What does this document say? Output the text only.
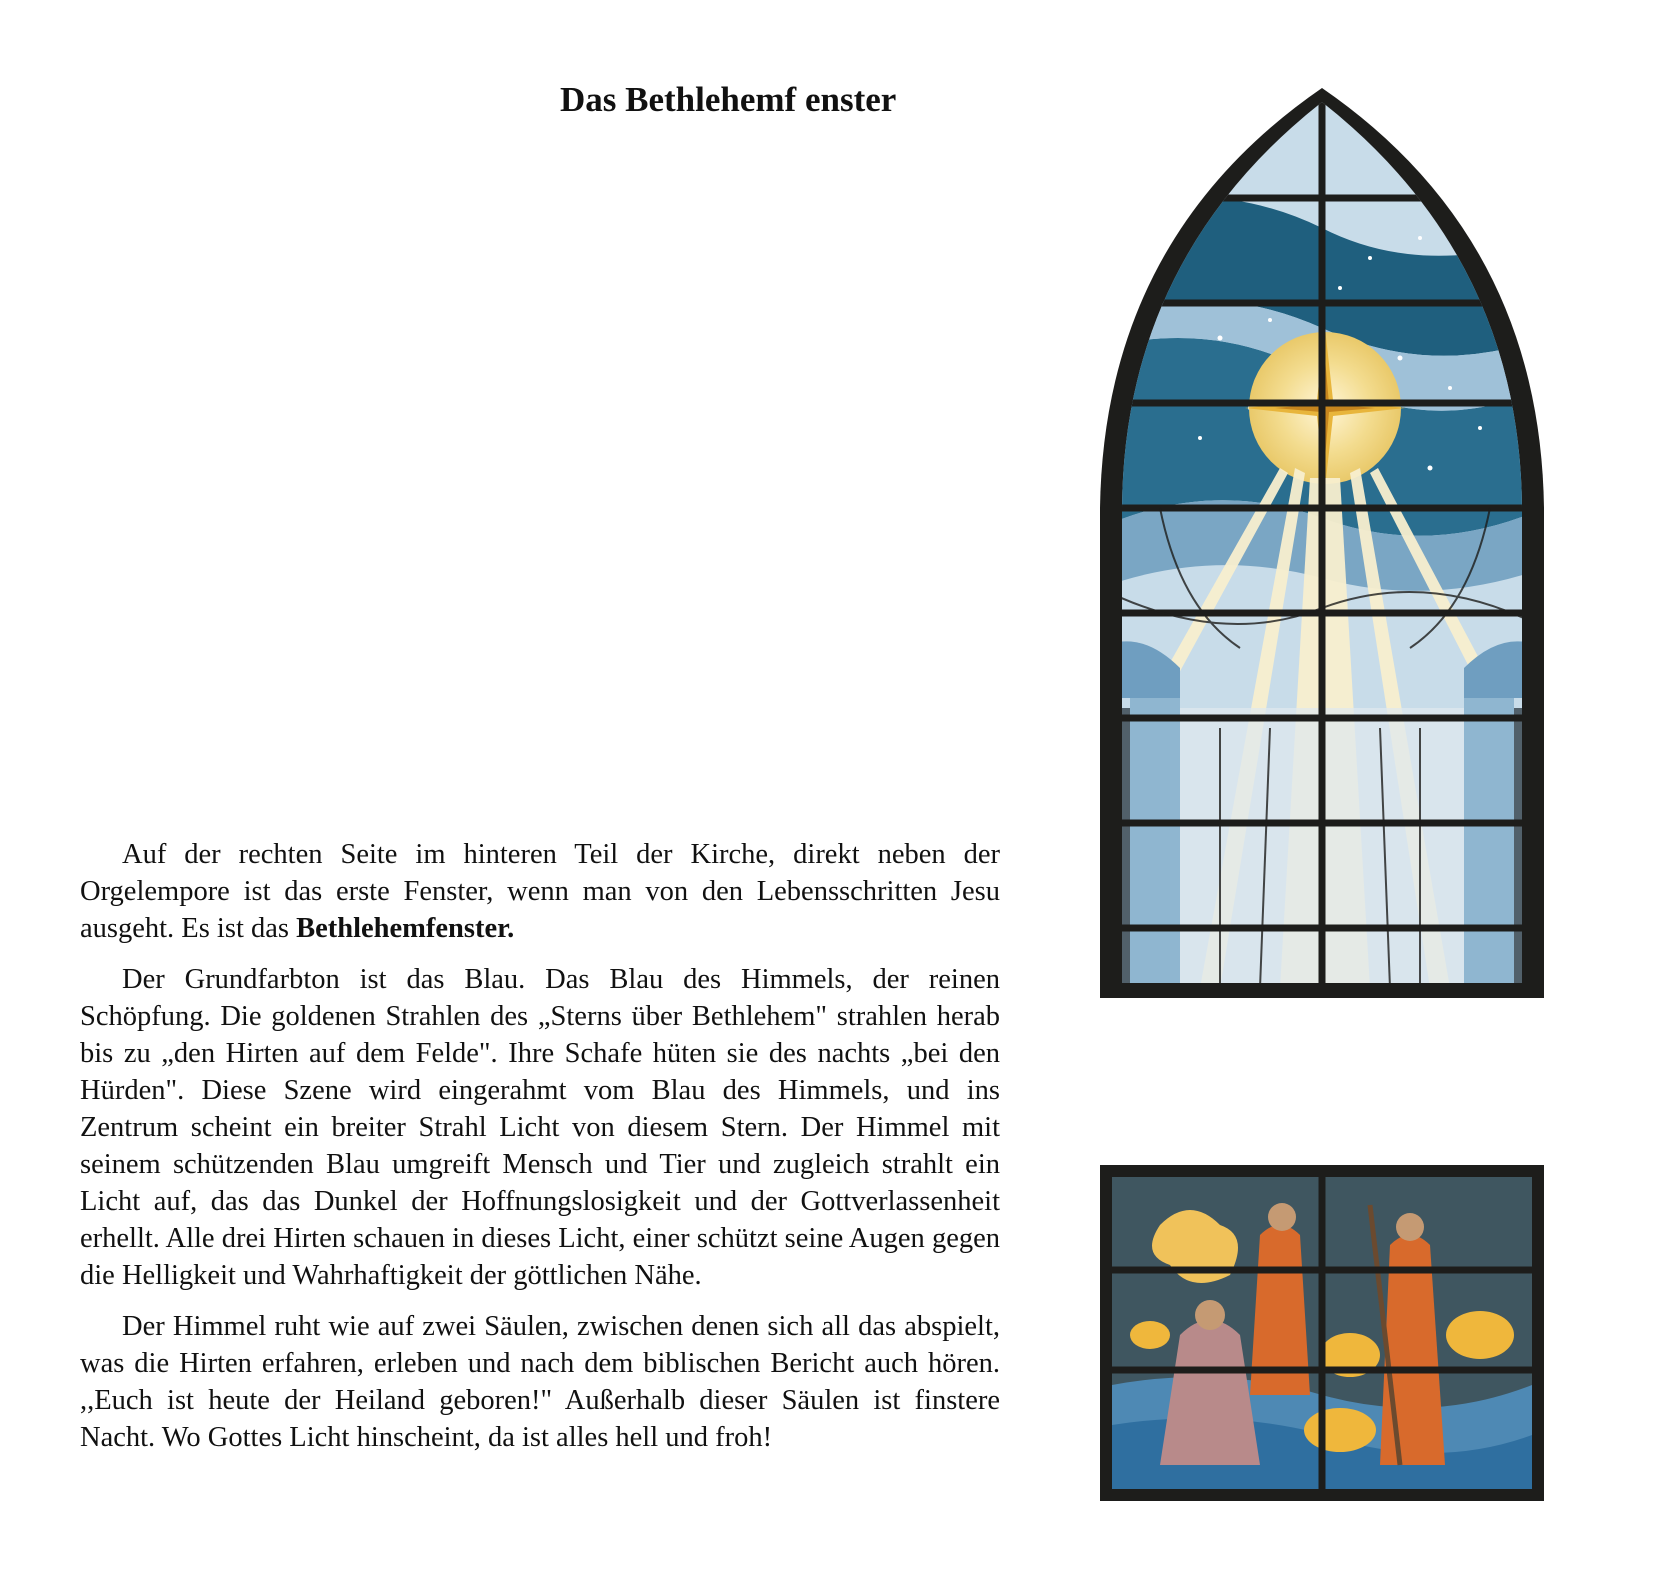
Das Bethlehemf enster

Auf der rechten Seite im hinteren Teil der Kirche, direkt neben der Orgelempore ist das erste Fenster, wenn man von den Lebensschritten Jesu ausgeht. Es ist das Bethlehemfenster.

Der Grundfarbton ist das Blau. Das Blau des Himmels, der reinen Schöpfung. Die goldenen Strahlen des „Sterns über Bethlehem" strahlen herab bis zu „den Hirten auf dem Felde". Ihre Schafe hüten sie des nachts „bei den Hürden". Diese Szene wird eingerahmt vom Blau des Himmels, und ins Zentrum scheint ein breiter Strahl Licht von diesem Stern. Der Himmel mit seinem schützenden Blau umgreift Mensch und Tier und zugleich strahlt ein Licht auf, das das Dunkel der Hoffnungslosigkeit und der Gottverlassenheit erhellt. Alle drei Hirten schauen in dieses Licht, einer schützt seine Augen gegen die Helligkeit und Wahrhaftigkeit der göttlichen Nähe.

Der Himmel ruht wie auf zwei Säulen, zwischen denen sich all das abspielt, was die Hirten erfahren, erleben und nach dem biblischen Bericht auch hören. ,,Euch ist heute der Heiland geboren!" Außerhalb dieser Säulen ist finstere Nacht. Wo Gottes Licht hinscheint, da ist alles hell und froh!
